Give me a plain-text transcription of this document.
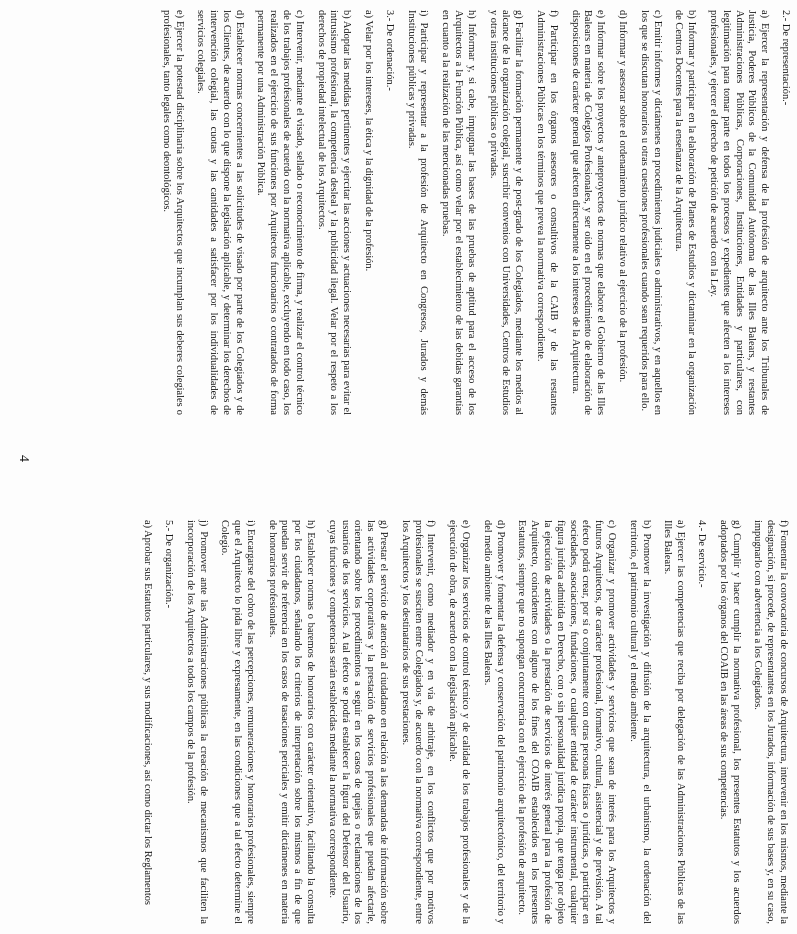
2.- De representación.-
a) Ejercer la representación y defensa de la profesión de arquitecto ante los Tribunales de Justicia, Poderes Públicos de la Comunidad Autónoma de las Illes Balears, y restantes Administraciones Públicas, Corporaciones, Instituciones, Entidades y particulares, con legitimación para tomar parte en todos los procesos y expedientes que afecten a los intereses profesionales, y ejercer el derecho de petición de acuerdo con la Ley.
b) Informar y participar en la elaboración de Planes de Estudios y dictaminar en la organización de Centros Docentes para la enseñanza de la Arquitectura.
c) Emitir informes y dictámenes en procedimientos judiciales o administrativos, y en aquellos en los que se discutan honorarios u otras cuestiones profesionales cuando sean requeridos para ello.
d) Informar y asesorar sobre el ordenamiento jurídico relativo al ejercicio de la profesión.
e) Informar sobre los proyectos y anteproyectos de normas que elabore el Gobierno de las Illes Balears en materia de Colegios Profesionales, y ser oído en el procedimiento de elaboración de disposiciones de carácter general que afecten directamente a los intereses de la Arquitectura.
f) Participar en los órganos asesores o consultivos de la CAIB y de las restantes Administraciones Públicas en los términos que prevea la normativa correspondiente.
g) Facilitar la formación permanente y de post-grado de los Colegiados, mediante los medios al alcance de la organización colegial, suscribir convenios con Universidades, Centros de Estudios y otras instituciones públicas o privadas.
h) Informar y, si cabe, impugnar las bases de las pruebas de aptitud para el acceso de los Arquitectos a la Función Pública, así como velar por el establecimiento de las debidas garantías en cuanto a la realización de las mencionadas pruebas.
i) Participar y representar a la profesión de Arquitecto en Congresos, Jurados y demás Instituciones públicas y privadas.
3.- De ordenación.-
a) Velar por los intereses, la ética y la dignidad de la profesión.
b) Adoptar las medidas pertinentes y ejercitar las acciones y actuaciones necesarias para evitar el intrusismo profesional, la competencia desleal y la publicidad ilegal. Velar por el respeto a los derechos de propiedad intelectual de los Arquitectos.
c) Intervenir, mediante el visado, sellado o reconocimiento de firma, y realizar el control técnico de los trabajos profesionales de acuerdo con la normativa aplicable, excluyendo en todo caso, los realizados en el ejercicio de sus funciones por Arquitectos funcionarios o contratados de forma permanente por una Administración Pública.
d) Establecer normas concernientes a las solicitudes de visado por parte de los Colegiados y de los Clientes, de acuerdo con lo que dispone la legislación aplicable, y determinar los derechos de intervención colegial, las cuotas y las cantidades a satisfacer por los individualidades de servicios colegiales.
e) Ejercer la potestad disciplinaria sobre los Arquitectos que incumplan sus deberes colegiales o profesionales, tanto legales como deontológicos.
4
f) Fomentar la convocatoria de concursos de Arquitectura, intervenir en los mismos, mediante la designación, si procede, de representantes en los Jurados, información de sus bases y, en su caso, impugnarlo con advertencia a los Colegiados.
g) Cumplir y hacer cumplir la normativa profesional, los presentes Estatutos y los acuerdos adoptados por los órganos del COAIB en las áreas de sus competencias.
4.- De servicio.-
a) Ejercer las competencias que reciba por delegación de las Administraciones Públicas de las Illes Balears.
b) Promover la investigación y difusión de la arquitectura, el urbanismo, la ordenación del territorio, el patrimonio cultural y el medio ambiente.
c) Organizar y promover actividades y servicios que sean de interés para los Arquitectos y futuros Arquitectos, de carácter profesional, formativo, cultural, asistencial y de previsión. A tal efecto podrá crear, por sí o conjuntamente con otras personas físicas o jurídicas, o participar en sociedades, asociaciones, fundaciones, o cualquier entidad de carácter instrumental, cualquier figura jurídica admitida en Derecho, con o sin personalidad jurídica propia, que tenga por objeto la ejecución de actividades o la prestación de servicios de interés general para la profesión de Arquitecto, coincidentes con alguno de los fines del COAIB establecidos en los presentes Estatutos, siempre que no supongan concurrencia con el ejercicio de la profesión de arquitecto.
d) Promover y fomentar la defensa y conservación del patrimonio arquitectónico, del territorio y del medio ambiente de las Illes Balears.
e) Organizar los servicios de control técnico y de calidad de los trabajos profesionales y de la ejecución de obra, de acuerdo con la legislación aplicable.
f) Intervenir, como mediador y en vía de arbitraje, en los conflictos que por motivos profesionales se susciten entre Colegiados y, de acuerdo con la normativa correspondiente, entre los Arquitectos y los destinatarios de sus prestaciones.
g) Prestar el servicio de atención al ciudadano en relación a las demandas de información sobre las actividades corporativas y la prestación de servicios profesionales que puedan afectarle, orientando sobre los procedimientos a seguir en los casos de quejas o reclamaciones de los usuarios de los servicios. A tal efecto se podrá establecer la figura del Defensor del Usuario, cuyas funciones y competencias serán establecidas mediante la normativa correspondiente.
h) Establecer normas o baremos de honorarios con carácter orientativo, facilitando la consulta por los ciudadanos, señalando los criterios de interpretación sobre los mismos a fin de que puedan servir de referencia en los casos de tasaciones periciales y emitir dictámenes en materia de honorarios profesionales.
i) Encargarse del cobro de las percepciones, remuneraciones y honorarios profesionales, siempre que el Arquitecto lo pida libre y expresamente, en las condiciones que a tal efecto determine el Colegio.
j) Promover ante las Administraciones públicas la creación de mecanismos que faciliten la incorporación de los Arquitectos a todos los campos de la profesión.
5.- De organización.-
a) Aprobar sus Estatutos particulares, y sus modificaciones, así como dictar los Reglamentos
